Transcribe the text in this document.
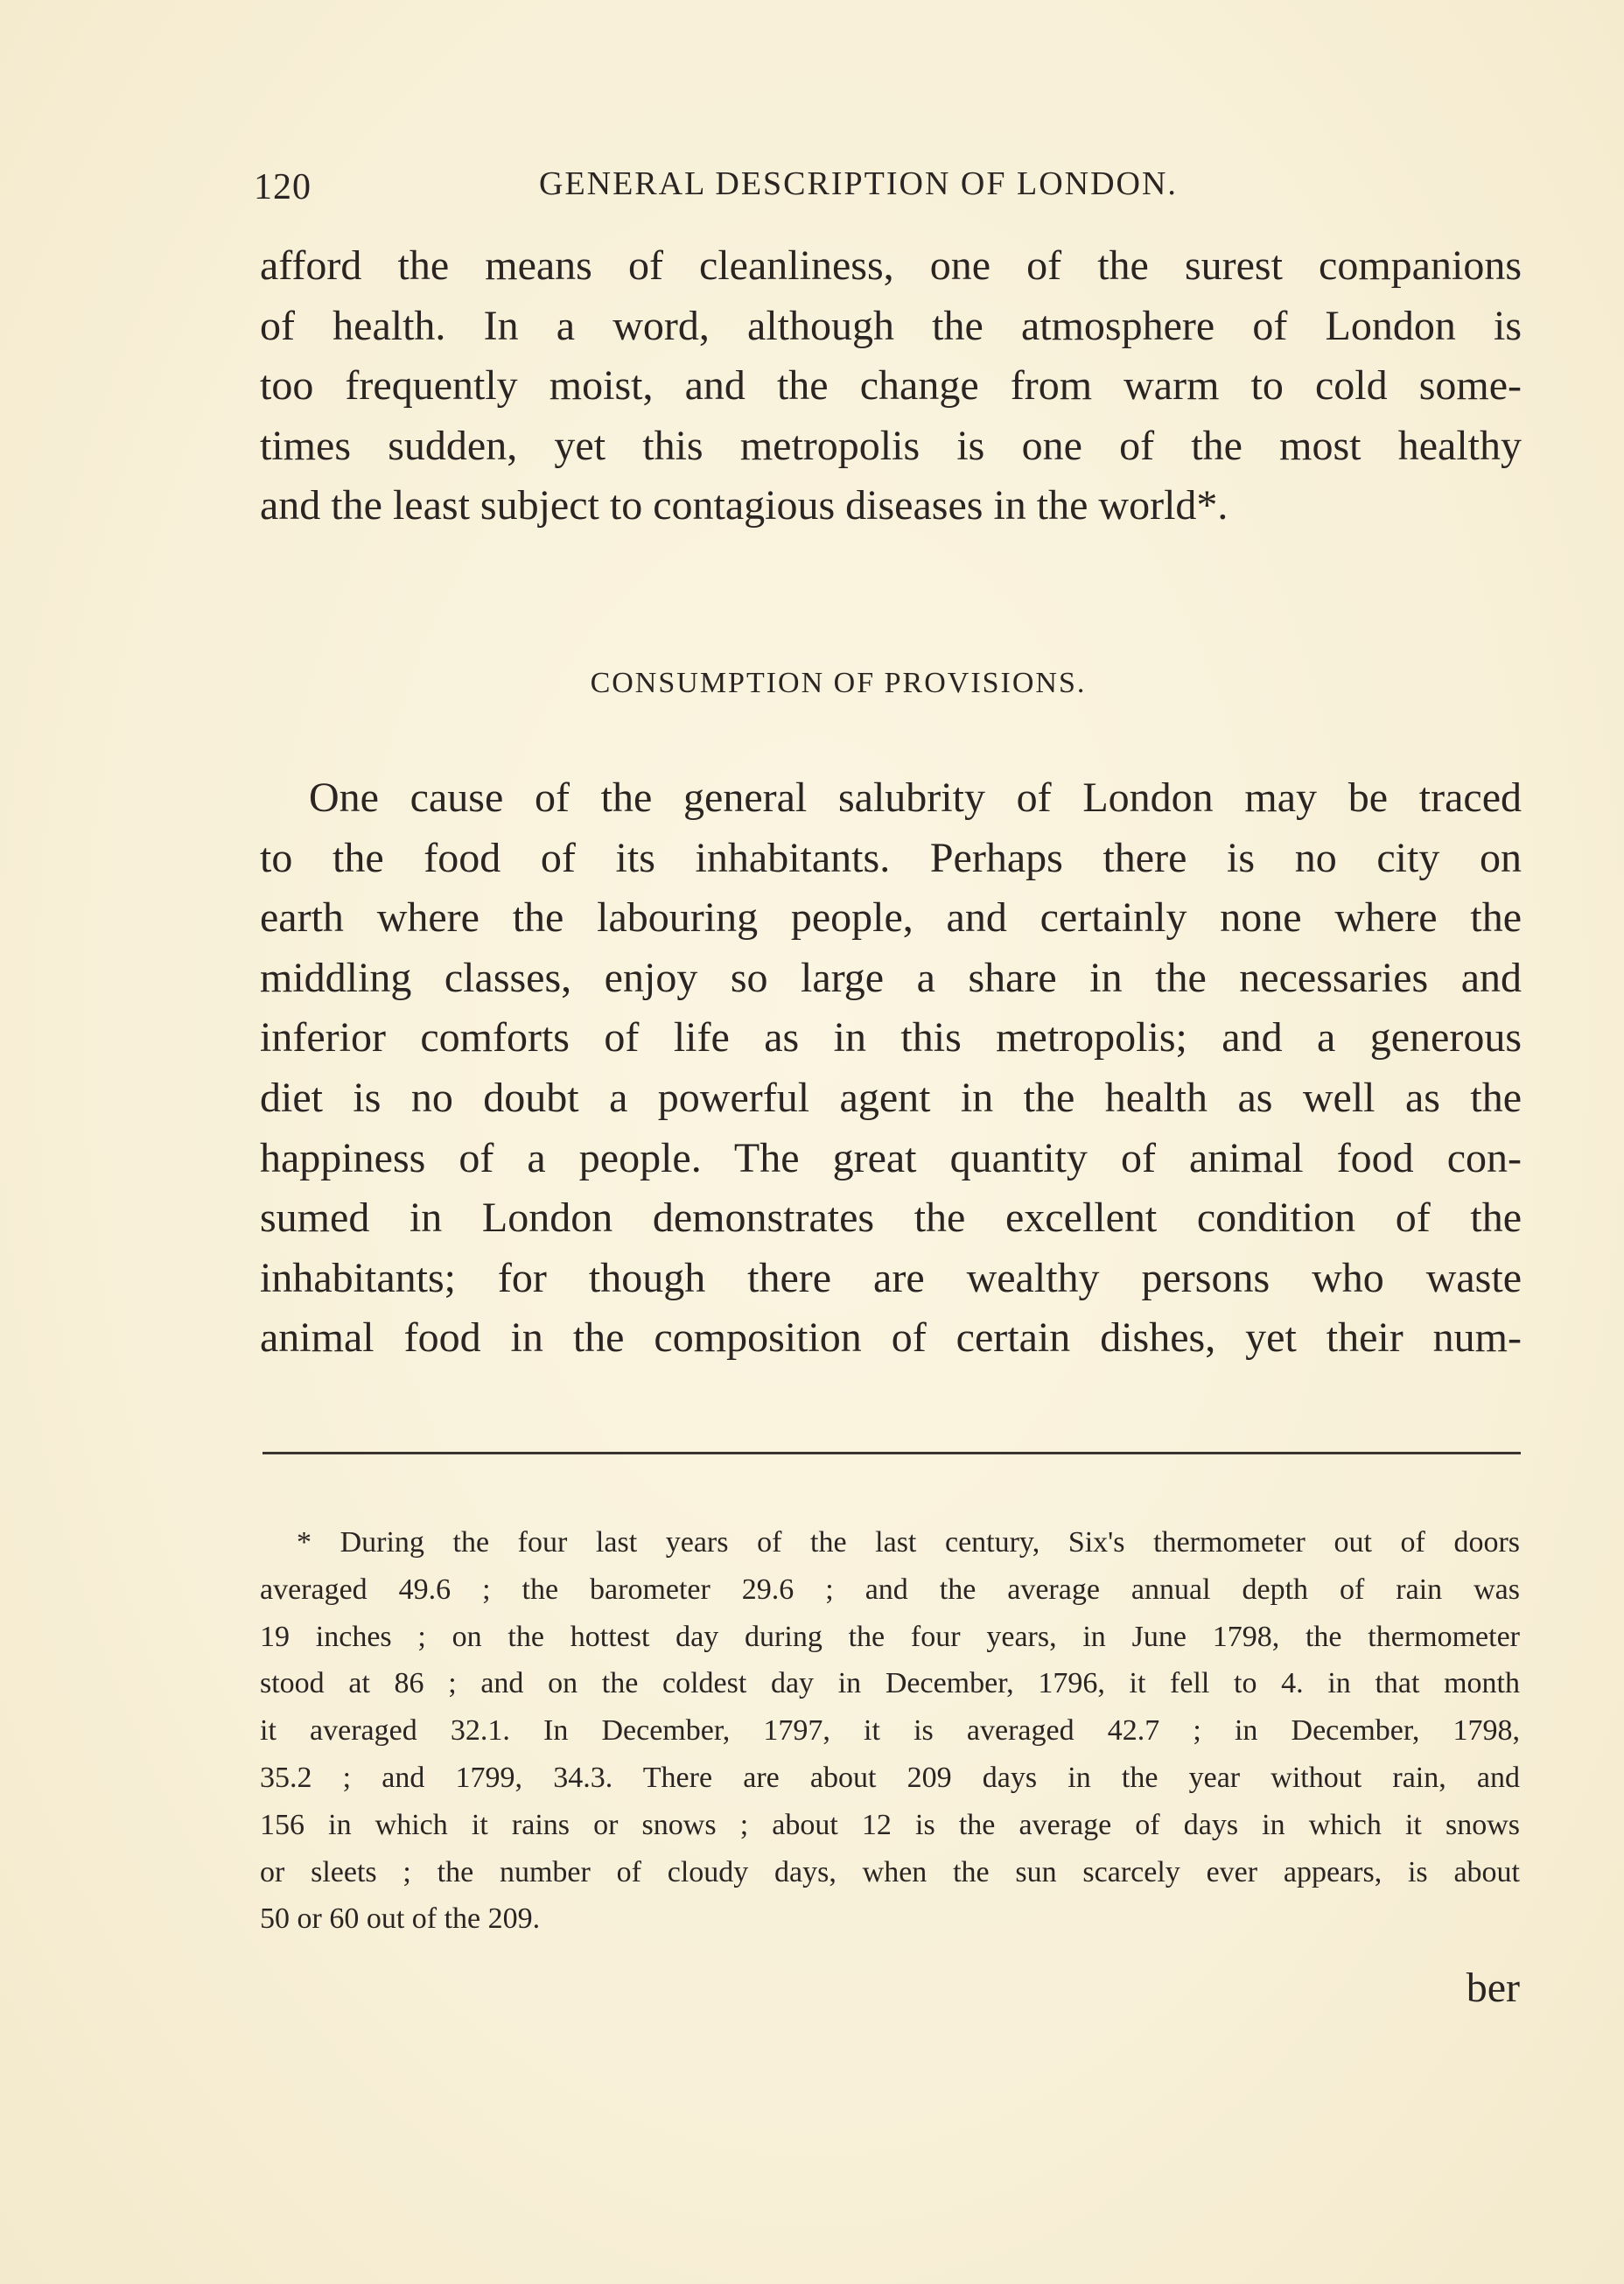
120	GENERAL DESCRIPTION OF LONDON.
afford the means of cleanliness, one of the surest companions
of health. In a word, although the atmosphere of London is
too frequently moist, and the change from warm to cold some-
times sudden, yet this metropolis is one of the most healthy
and the least subject to contagious diseases in the world*.
CONSUMPTION OF PROVISIONS.
One cause of the general salubrity of London may be traced
to the food of its inhabitants. Perhaps there is no city on
earth where the labouring people, and certainly none where the
middling classes, enjoy so large a share in the necessaries and
inferior comforts of life as in this metropolis; and a generous
diet is no doubt a powerful agent in the health as well as the
happiness of a people. The great quantity of animal food con-
sumed in London demonstrates the excellent condition of the
inhabitants; for though there are wealthy persons who waste
animal food in the composition of certain dishes, yet their num-
* During the four last years of the last century, Six's thermometer out of doors
averaged 49.6 ; the barometer 29.6 ; and the average annual depth of rain was
19 inches ; on the hottest day during the four years, in June 1798, the thermometer
stood at 86 ; and on the coldest day in December, 1796, it fell to 4. in that month
it averaged 32.1. In December, 1797, it is averaged 42.7 ; in December, 1798,
35.2 ; and 1799, 34.3. There are about 209 days in the year without rain, and
156 in which it rains or snows ; about 12 is the average of days in which it snows
or sleets ; the number of cloudy days, when the sun scarcely ever appears, is about
50 or 60 out of the 209.
ber
